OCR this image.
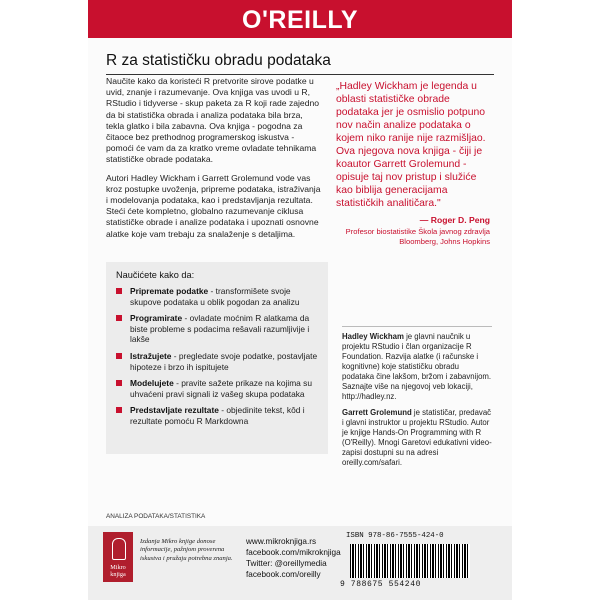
O'REILLY
R za statističku obradu podataka

Naučite kako da koristeći R pretvorite sirove podatke u uvid, znanje i razumevanje. Ova knjiga vas uvodi u R, RStudio i tidyverse - skup paketa za R koji rade zajedno da bi statistička obrada i analiza podataka bila brza, tekla glatko i bila zabavna. Ova knjiga - pogodna za čitaoce bez prethodnog programerskog iskustva - pomoći će vam da za kratko vreme ovladate tehnikama statističke obrade podataka.

Autori Hadley Wickham i Garrett Grolemund vode vas kroz postupke uvoženja, pripreme podataka, istraživanja i modelovanja podataka, kao i predstavljanja rezultata. Steći ćete kompletno, globalno razumevanje ciklusa statističke obrade i analize podataka i upoznati osnovne alatke koje vam trebaju za snalaženje s detaljima.

„Hadley Wickham je legenda u oblasti statističke obrade podataka jer je osmislio potpuno nov način analize podataka o kojem niko ranije nije razmišljao. Ova njegova nova knjiga - čiji je koautor Garrett Grolemund - opisuje taj nov pristup i služiće kao biblija generacijama statističkih analitičara."

— Roger D. Peng
Profesor biostatistike Škola javnog zdravlja Bloomberg, Johns Hopkins
Naučićete kako da:
Pripremate podatke - transformišete svoje skupove podataka u oblik pogodan za analizu
Programirate - ovladate moćnim R alatkama da biste probleme s podacima rešavali razumljivije i lakše
Istražujete - pregledate svoje podatke, postavljate hipoteze i brzo ih ispitujete
Modelujete - pravite sažete prikaze na kojima su uhvaćeni pravi signali iz vašeg skupa podataka
Predstavljate rezultate - objedinite tekst, kôd i rezultate pomoću R Markdowna

Hadley Wickham je glavni naučnik u projektu RStudio i član organizacije R Foundation. Razvija alatke (i računske i kognitivne) koje statističku obradu podataka čine lakšom, bržom i zabavnijom. Saznajte više na njegovoj veb lokaciji, http://hadley.nz.

Garrett Grolemund je statističar, predavač i glavni instruktor u projektu RStudio. Autor je knjige Hands-On Programming with R (O'Reilly). Mnogi Garetovi edukativni video-zapisi dostupni su na adresi oreilly.com/safari.

ANALIZA PODATAKA/STATISTIKA
Mikro knjiga
Izdanja Mikro knjige donose informacije, pažnjom proverena iskustva i pružaju potrebna znanja.
www.mikroknjiga.rs
facebook.com/mikroknjiga
Twitter: @oreillymedia
facebook.com/oreilly
ISBN 978-86-7555-424-0
9 788675 554240
